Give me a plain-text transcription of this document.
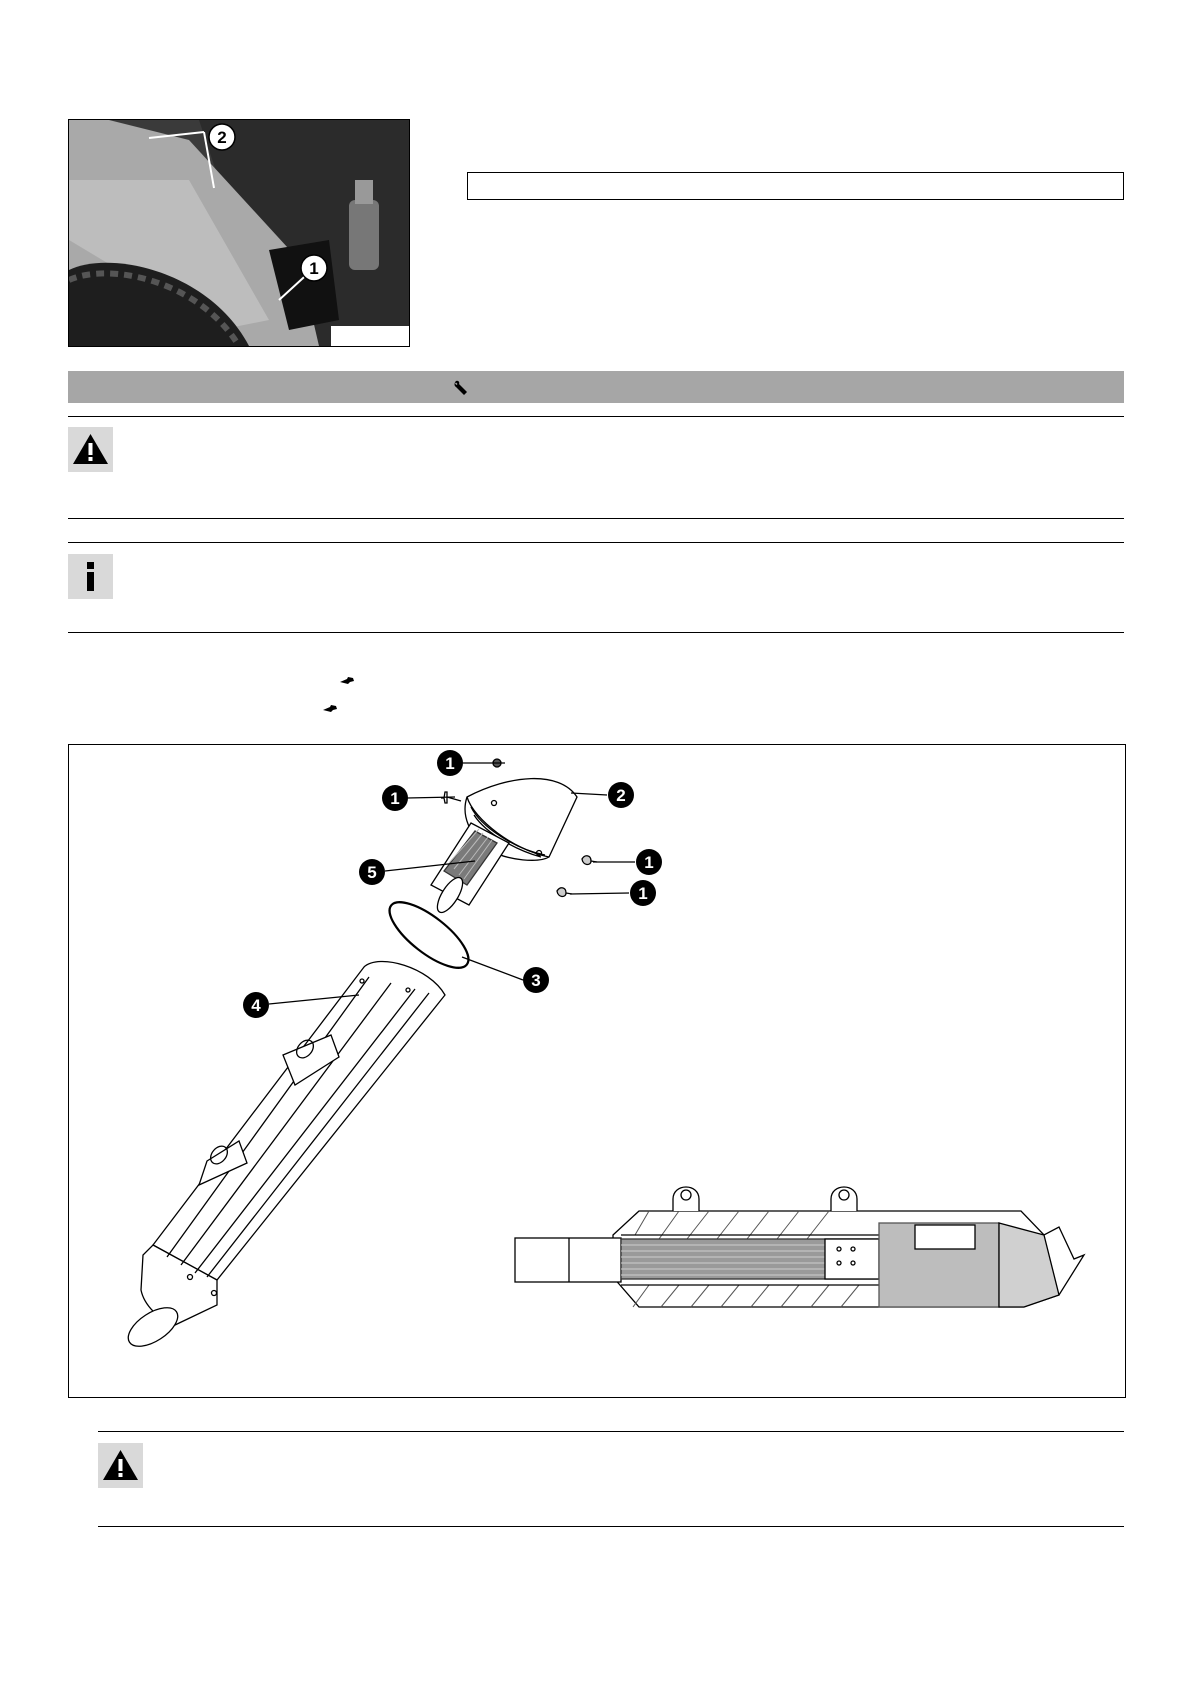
2
1
1
1	2
1
1
5
3
4
